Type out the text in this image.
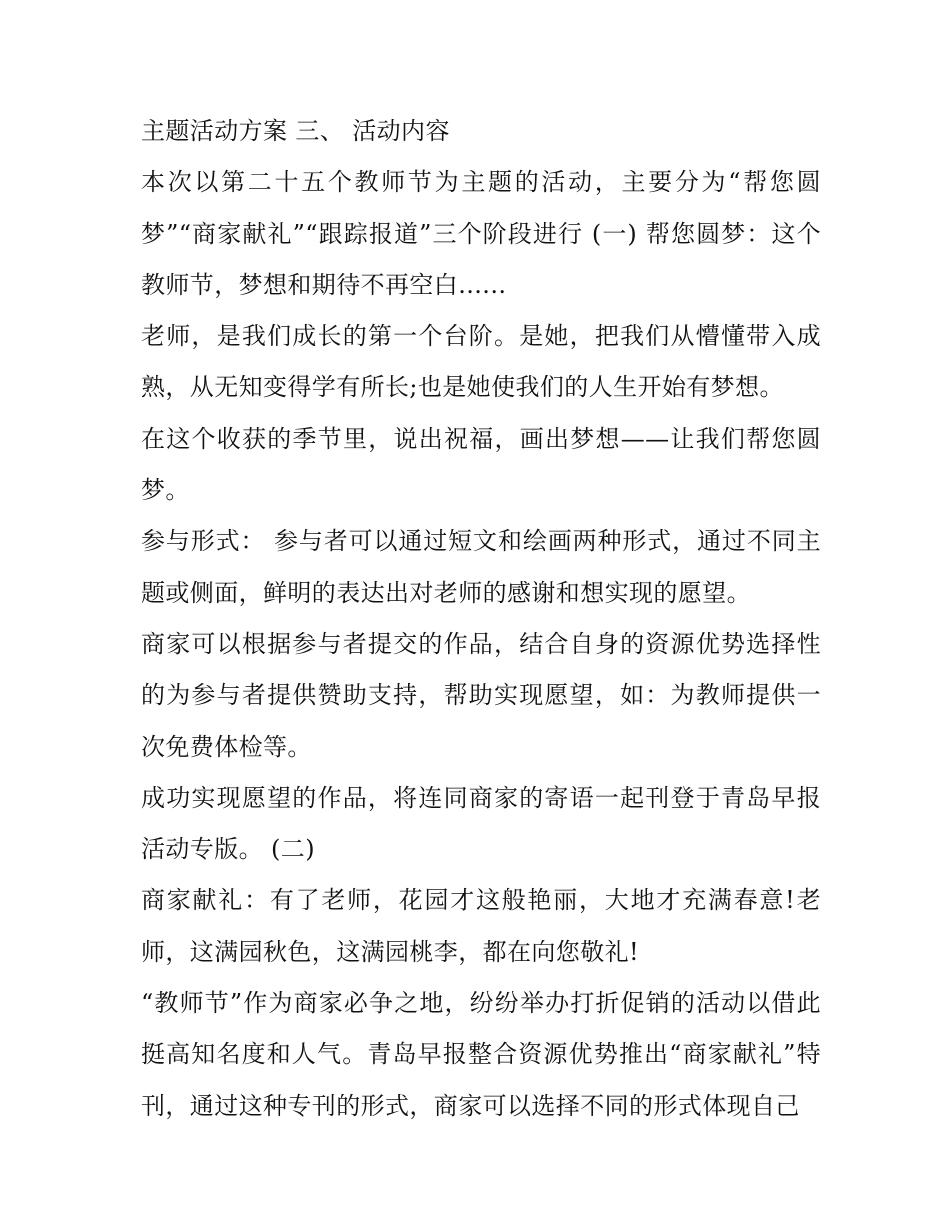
主题活动方案 三、 活动内容

本次以第二十五个教师节为主题的活动，主要分为“帮您圆梦”“商家献礼”“跟踪报道”三个阶段进行 (一) 帮您圆梦：这个教师节，梦想和期待不再空白......

老师，是我们成长的第一个台阶。是她，把我们从懵懂带入成熟，从无知变得学有所长;也是她使我们的人生开始有梦想。

在这个收获的季节里，说出祝福，画出梦想——让我们帮您圆梦。

参与形式： 参与者可以通过短文和绘画两种形式，通过不同主题或侧面，鲜明的表达出对老师的感谢和想实现的愿望。

商家可以根据参与者提交的作品，结合自身的资源优势选择性的为参与者提供赞助支持，帮助实现愿望，如：为教师提供一次免费体检等。

成功实现愿望的作品，将连同商家的寄语一起刊登于青岛早报活动专版。 (二)

商家献礼：有了老师，花园才这般艳丽，大地才充满春意!老师，这满园秋色，这满园桃李，都在向您敬礼!

“教师节”作为商家必争之地，纷纷举办打折促销的活动以借此挺高知名度和人气。青岛早报整合资源优势推出“商家献礼”特刊，通过这种专刊的形式，商家可以选择不同的形式体现自己
